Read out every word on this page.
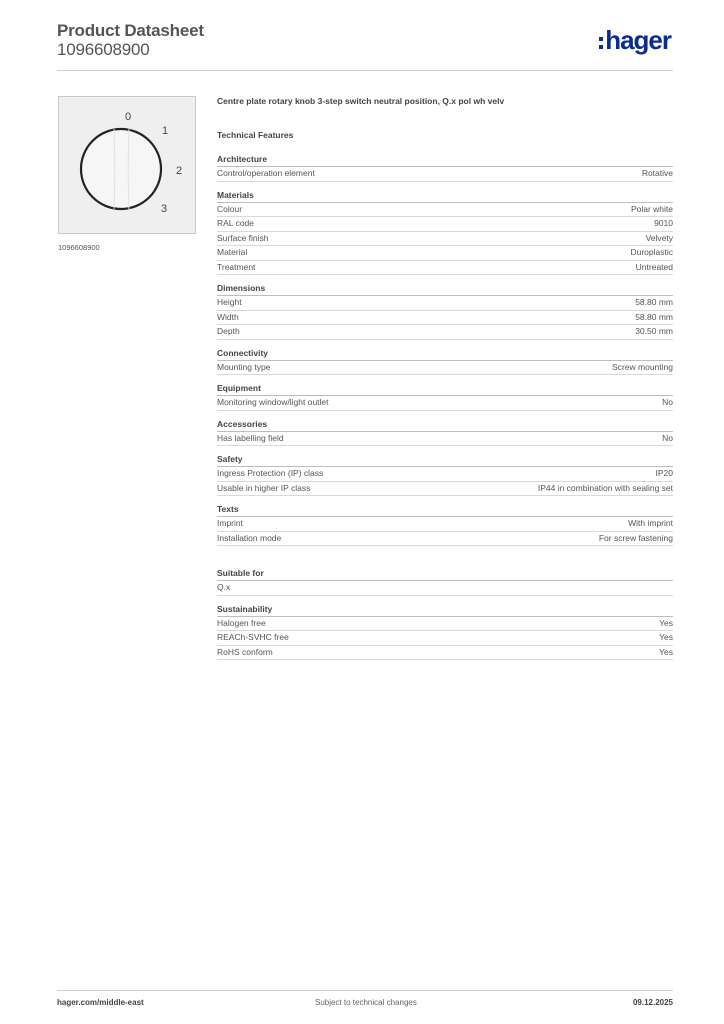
Product Datasheet
1096608900	hager
0
1
2
3
1096608900
Centre plate rotary knob 3-step switch neutral position, Q.x pol wh velv
Technical Features
Architecture
Control/operation element	Rotative
Materials
Colour	Polar white
RAL code	9010
Surface finish	Velvety
Material	Duroplastic
Treatment	Untreated
Dimensions
Height	58.80 mm
Width	58.80 mm
Depth	30.50 mm
Connectivity
Mounting type	Screw mounting
Equipment
Monitoring window/light outlet	No
Accessories
Has labelling field	No
Safety
Ingress Protection (IP) class	IP20
Usable in higher IP class	IP44 in combination with sealing set
Texts
Imprint	With imprint
Installation mode	For screw fastening
Suitable for
Q.x
Sustainability
Halogen free	Yes
REACh-SVHC free	Yes
RoHS conform	Yes
hager.com/middle-east	Subject to technical changes	09.12.2025
